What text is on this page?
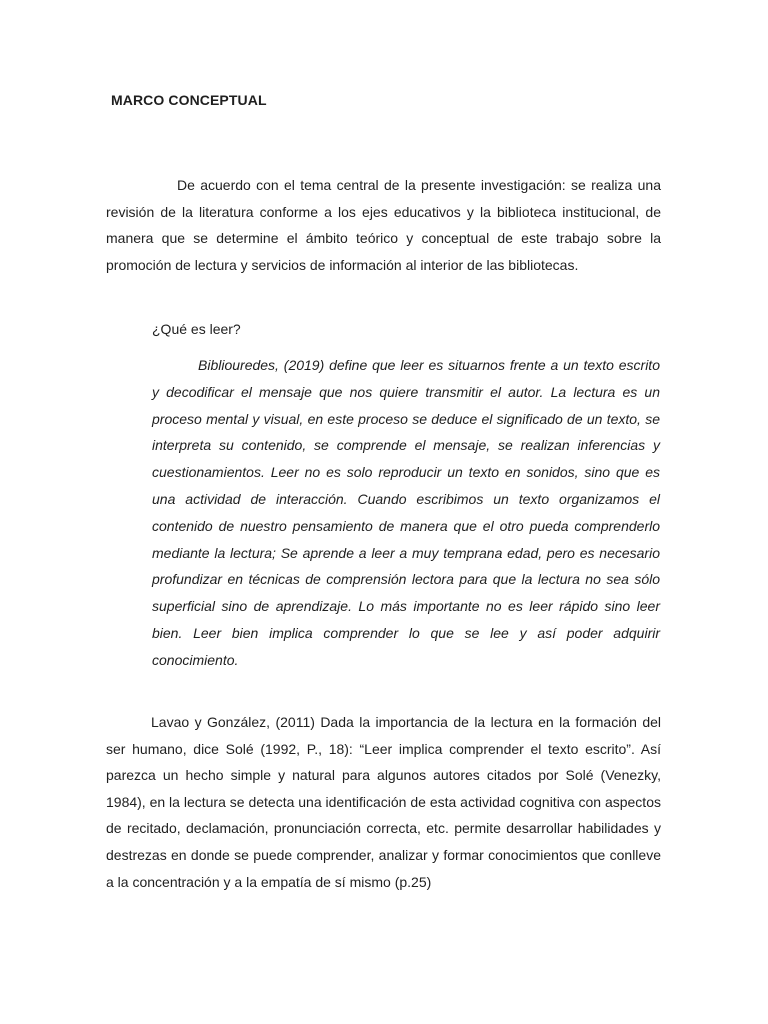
MARCO CONCEPTUAL

De acuerdo con el tema central de la presente investigación: se realiza una revisión de la literatura conforme a los ejes educativos y la biblioteca institucional, de manera que se determine el ámbito teórico y conceptual de este trabajo sobre la promoción de lectura y servicios de información al interior de las bibliotecas.

¿Qué es leer?

Bibliouredes, (2019) define que leer es situarnos frente a un texto escrito y decodificar el mensaje que nos quiere transmitir el autor. La lectura es un proceso mental y visual, en este proceso se deduce el significado de un texto, se interpreta su contenido, se comprende el mensaje, se realizan inferencias y cuestionamientos. Leer no es solo reproducir un texto en sonidos, sino que es una actividad de interacción. Cuando escribimos un texto organizamos el contenido de nuestro pensamiento de manera que el otro pueda comprenderlo mediante la lectura; Se aprende a leer a muy temprana edad, pero es necesario profundizar en técnicas de comprensión lectora para que la lectura no sea sólo superficial sino de aprendizaje. Lo más importante no es leer rápido sino leer bien. Leer bien implica comprender lo que se lee y así poder adquirir conocimiento.

Lavao y González, (2011) Dada la importancia de la lectura en la formación del ser humano, dice Solé (1992, P., 18): “Leer implica comprender el texto escrito”. Así parezca un hecho simple y natural para algunos autores citados por Solé (Venezky, 1984), en la lectura se detecta una identificación de esta actividad cognitiva con aspectos de recitado, declamación, pronunciación correcta, etc. permite desarrollar habilidades y destrezas en donde se puede comprender, analizar y formar conocimientos que conlleve a la concentración y a la empatía de sí mismo (p.25)
